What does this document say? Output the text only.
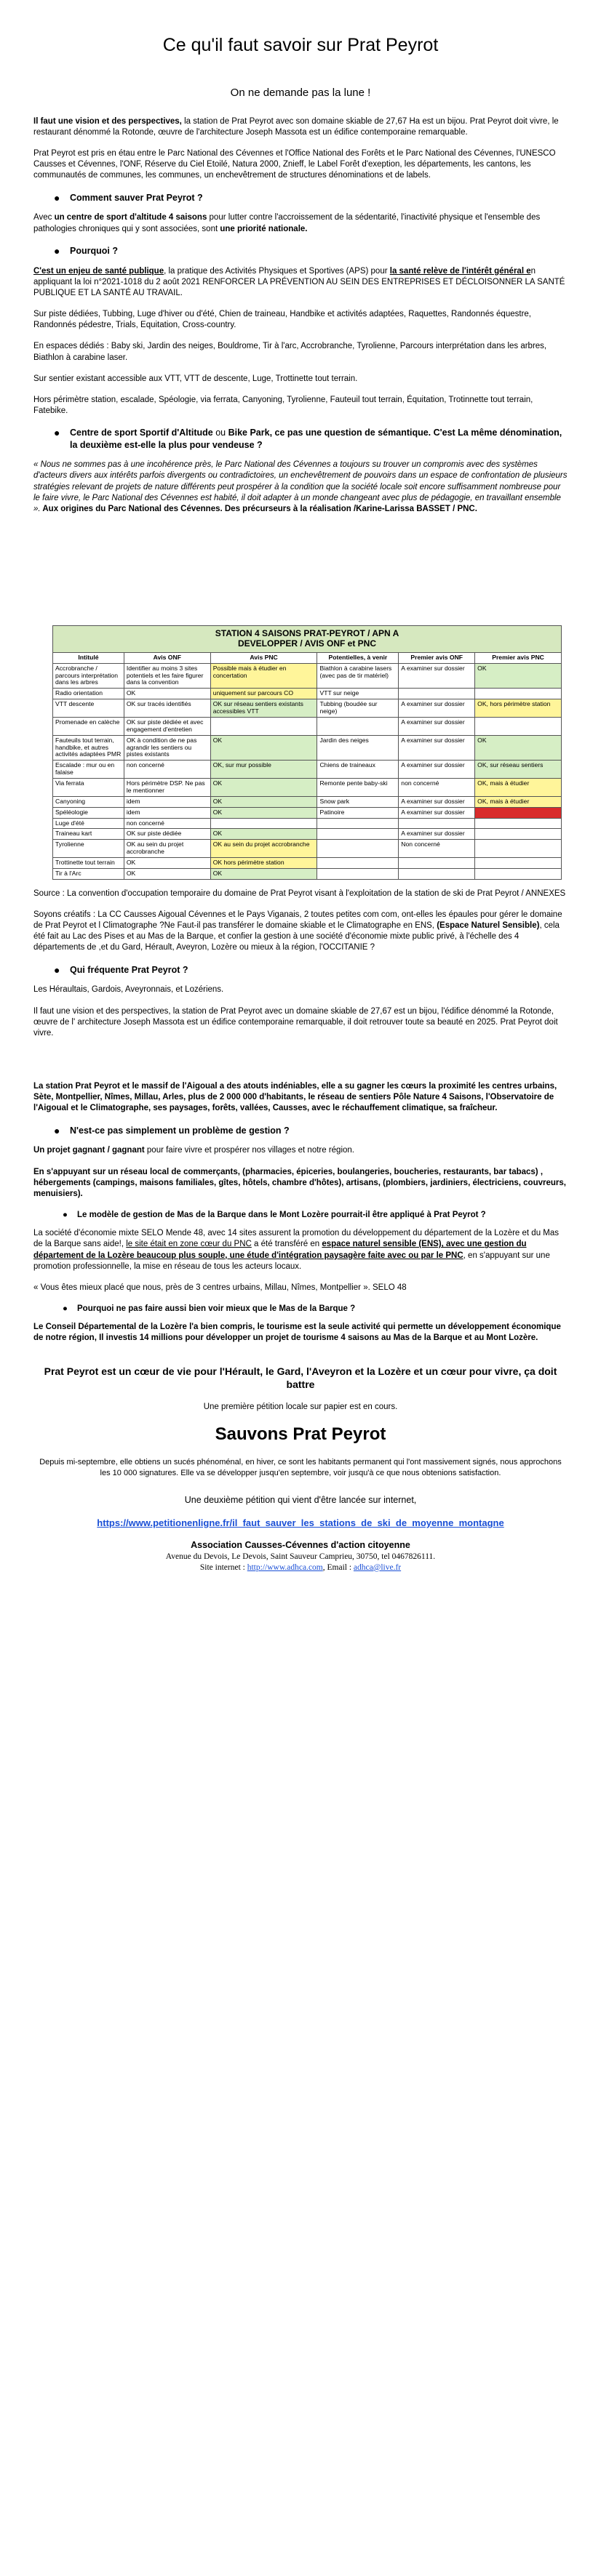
Ce qu'il faut savoir sur Prat Peyrot
On ne demande pas la lune !

Il faut une vision et des perspectives, la station de Prat Peyrot avec son domaine skiable de 27,67 Ha est un bijou. Prat Peyrot doit vivre, le restaurant dénommé la Rotonde, œuvre de l'architecture Joseph Massota est un édifice contemporaine remarquable.

Prat Peyrot est pris en étau entre le Parc National des Cévennes et l'Office National des Forêts et le Parc National des Cévennes, l'UNESCO Causses et Cévennes, l'ONF, Réserve du Ciel Etoilé, Natura 2000, Znieff, le Label Forêt d'exeption, les départements, les cantons, les communautés de communes, les communes, un enchevêtrement de structures dénominations et de labels.

●	Comment sauver Prat Peyrot ?

Avec un centre de sport d'altitude 4 saisons pour lutter contre l'accroissement de la sédentarité, l'inactivité physique et l'ensemble des pathologies chroniques qui y sont associées, sont une priorité nationale.

●	Pourquoi ?

C'est un enjeu de santé publique, la pratique des Activités Physiques et Sportives (APS) pour la santé relève de l'intérêt général en appliquant la loi n°2021-1018 du 2 août 2021 RENFORCER LA PRÉVENTION AU SEIN DES ENTREPRISES ET DÉCLOISONNER LA SANTÉ PUBLIQUE ET LA SANTÉ AU TRAVAIL.

Sur piste dédiées, Tubbing, Luge d'hiver ou d'été, Chien de traineau, Handbike et activités adaptées, Raquettes, Randonnés équestre, Randonnés pédestre, Trials, Equitation, Cross-country.

En espaces dédiés : Baby ski, Jardin des neiges, Bouldrome, Tir à l'arc, Accrobranche, Tyrolienne, Parcours interprétation dans les arbres, Biathlon à carabine laser.

Sur sentier existant accessible aux VTT, VTT de descente, Luge, Trottinette tout terrain.

Hors périmètre station, escalade, Spéologie, via ferrata, Canyoning, Tyrolienne, Fauteuil tout terrain, Équitation, Trotinnette tout terrain, Fatebike.

●	Centre de sport Sportif d'Altitude ou Bike Park, ce pas une question de sémantique. C'est La même dénomination, la deuxième est-elle la plus pour vendeuse ?

« Nous ne sommes pas à une incohérence près, le Parc National des Cévennes a toujours su trouver un compromis avec des systèmes d'acteurs divers aux intérêts parfois divergents ou contradictoires, un enchevêtrement de pouvoirs dans un espace de confrontation de plusieurs stratégies relevant de projets de nature différents peut prospérer à la condition que la société locale soit encore suffisamment nombreuse pour le faire vivre, le Parc National des Cévennes est habité, il doit adapter à un monde changeant avec plus de pédagogie, en travaillant ensemble ». Aux origines du Parc National des Cévennes. Des précurseurs à la réalisation /Karine-Larissa BASSET / PNC.

STATION 4 SAISONS PRAT-PEYROT / APN A
DEVELOPPER / AVIS ONF et PNC					
Intitulé	Avis ONF	Avis PNC	Potentielles, à venir	Premier avis ONF	Premier avis PNC
Accrobranche / parcours interprétation dans les arbres	Identifier au moins 3 sites potentiels et les faire figurer dans la convention	Possible mais à étudier en concertation	Biathlon à carabine lasers (avec pas de tir matériel)	A examiner sur dossier	OK
Radio orientation	OK	uniquement sur parcours CO	VTT sur neige		
VTT descente	OK sur tracés identifiés	OK sur réseau sentiers existants accessibles VTT	Tubbing (boudée sur neige)	A examiner sur dossier	OK, hors périmètre station
Promenade en calèche	OK sur piste dédiée et avec engagement d'entretien			A examiner sur dossier	
Fauteuils tout terrain, handbike, et autres activités adaptées PMR	OK à condition de ne pas agrandir les sentiers ou pistes existants	OK	Jardin des neiges	A examiner sur dossier	OK
Escalade : mur ou en falaise	non concerné	OK, sur mur possible	Chiens de traineaux	A examiner sur dossier	OK, sur réseau sentiers
Via ferrata	Hors périmètre DSP. Ne pas le mentionner	OK	Remonte pente baby-ski	non concerné	OK, mais à étudier
Canyoning	idem	OK	Snow park	A examiner sur dossier	OK, mais à étudier
Spéléologie	idem	OK	Patinoire	A examiner sur dossier	
Luge d'été	non concerné				
Traineau kart	OK sur piste dédiée	OK		A examiner sur dossier	
Tyrolienne	OK au sein du projet accrobranche	OK au sein du projet accrobranche		Non concerné	
Trottinette tout terrain	OK	OK hors périmètre station			
Tir à l'Arc	OK	OK			

Source : La convention d'occupation temporaire du domaine de Prat Peyrot visant à l'exploitation de la station de ski de Prat Peyrot / ANNEXES

Soyons créatifs : La CC Causses Aigoual Cévennes et le Pays Viganais, 2 toutes petites com com, ont-elles les épaules pour gérer le domaine de Prat Peyrot et l Climatographe ?Ne Faut-il pas transférer le domaine skiable et le Climatographe en ENS, (Espace Naturel Sensible), cela été fait au Lac des Pises et au Mas de la Barque, et confier la gestion à une société d'économie mixte public privé, à l'échelle des 4 départements de ,et du Gard, Hérault, Aveyron, Lozère ou mieux à la région, l'OCCITANIE ?

●	Qui fréquente Prat Peyrot ?

Les Héraultais, Gardois, Aveyronnais, et Lozériens.

Il faut une vision et des perspectives, la station de Prat Peyrot avec un domaine skiable de 27,67 est un bijou, l'édifice dénommé la Rotonde, œuvre de l' architecture Joseph Massota est un édifice contemporaine remarquable, il doit retrouver toute sa beauté en 2025. Prat Peyrot doit vivre.

La station Prat Peyrot et le massif de l'Aigoual a des atouts indéniables, elle a su gagner les cœurs la proximité les centres urbains, Sète, Montpellier, Nîmes, Millau, Arles, plus de 2 000 000 d'habitants, le réseau de sentiers Pôle Nature 4 Saisons, l'Observatoire de l'Aigoual et le Climatographe, ses paysages, forêts, vallées, Causses, avec le réchauffement climatique, sa fraîcheur.

●	N'est-ce pas simplement un problème de gestion ?

Un projet gagnant / gagnant pour faire vivre et prospérer nos villages et notre région.

En s'appuyant sur un réseau local de commerçants, (pharmacies, épiceries, boulangeries, boucheries, restaurants, bar tabacs) , hébergements (campings, maisons familiales, gîtes, hôtels, chambre d'hôtes), artisans, (plombiers, jardiniers, électriciens, couvreurs, menuisiers).

●	Le modèle de gestion de Mas de la Barque dans le Mont Lozère pourrait-il être appliqué à Prat Peyrot ?

La société d'économie mixte SELO Mende 48, avec 14 sites assurent la promotion du développement du département de la Lozère et du Mas de la Barque sans aide!, le site était en zone cœur du PNC a été transféré en espace naturel sensible (ENS), avec une gestion du département de la Lozère beaucoup plus souple, une étude d'intégration paysagère faite avec ou par le PNC, en s'appuyant sur une promotion professionnelle, la mise en réseau de tous les acteurs locaux.

« Vous êtes mieux placé que nous, près de 3 centres urbains, Millau, Nîmes, Montpellier ». SELO 48

●	Pourquoi ne pas faire aussi bien voir mieux que le Mas de la Barque ?

Le Conseil Départemental de la Lozère l'a bien compris, le tourisme est la seule activité qui permette un développement économique de notre région, Il investis 14 millions pour développer un projet de tourisme 4 saisons au Mas de la Barque et au Mont Lozère.

Prat Peyrot est un cœur de vie pour l'Hérault, le Gard, l'Aveyron et la Lozère et un cœur pour vivre, ça doit battre

Une première pétition locale sur papier est en cours.

Sauvons Prat Peyrot

Depuis mi-septembre, elle obtiens un sucés phénoménal, en hiver, ce sont les habitants permanent qui l'ont massivement signés, nous approchons les 10 000 signatures. Elle va se développer jusqu'en septembre, voir jusqu'à ce que nous obtenions satisfaction.

Une deuxième pétition qui vient d'être lancée sur internet,

https://www.petitionenligne.fr/il_faut_sauver_les_stations_de_ski_de_moyenne_montagne

Association Causses-Cévennes d'action citoyenne
Avenue du Devois, Le Devois, Saint Sauveur Camprieu, 30750, tel 0467826111.
Site internet : http://www.adhca.com, Email : adhca@live.fr
